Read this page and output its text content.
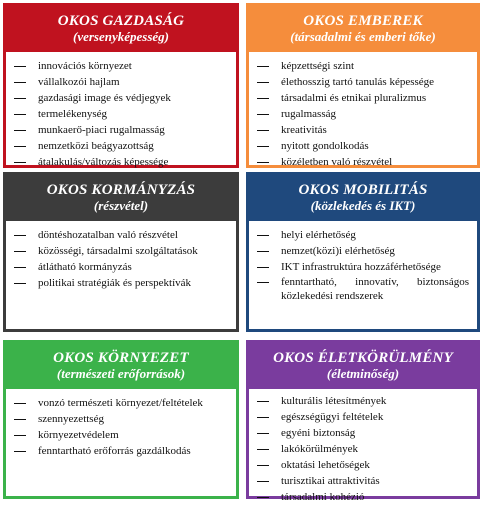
OKOS GAZDASÁG
(versenyképesség)
innovációs környezet
vállalkozói hajlam
gazdasági image és védjegyek
termelékenység
munkaerő-piaci rugalmasság
nemzetközi beágyazottság
átalakulás/változás képessége
OKOS EMBEREK
(társadalmi és emberi tőke)
képzettségi szint
élethosszig tartó tanulás képessége
társadalmi és etnikai pluralizmus
rugalmasság
kreativitás
nyitott gondolkodás
közéletben való részvétel
OKOS KORMÁNYZÁS
(részvétel)
döntéshozatalban való részvétel
közösségi, társadalmi szolgáltatások
átlátható kormányzás
politikai stratégiák és perspektívák
OKOS MOBILITÁS
(közlekedés és IKT)
helyi elérhetőség
nemzet(közi)i elérhetőség
IKT infrastruktúra hozzáférhetősége
fenntartható, innovatív, biztonságos közlekedési rendszerek
OKOS KÖRNYEZET
(természeti erőforrások)
vonzó természeti környezet/feltételek
szennyezettség
környezetvédelem
fenntartható erőforrás gazdálkodás
OKOS ÉLETKÖRÜLMÉNY
(életminőség)
kulturális létesítmények
egészségügyi feltételek
egyéni biztonság
lakókörülmények
oktatási lehetőségek
turisztikai attraktivitás
társadalmi kohézió
